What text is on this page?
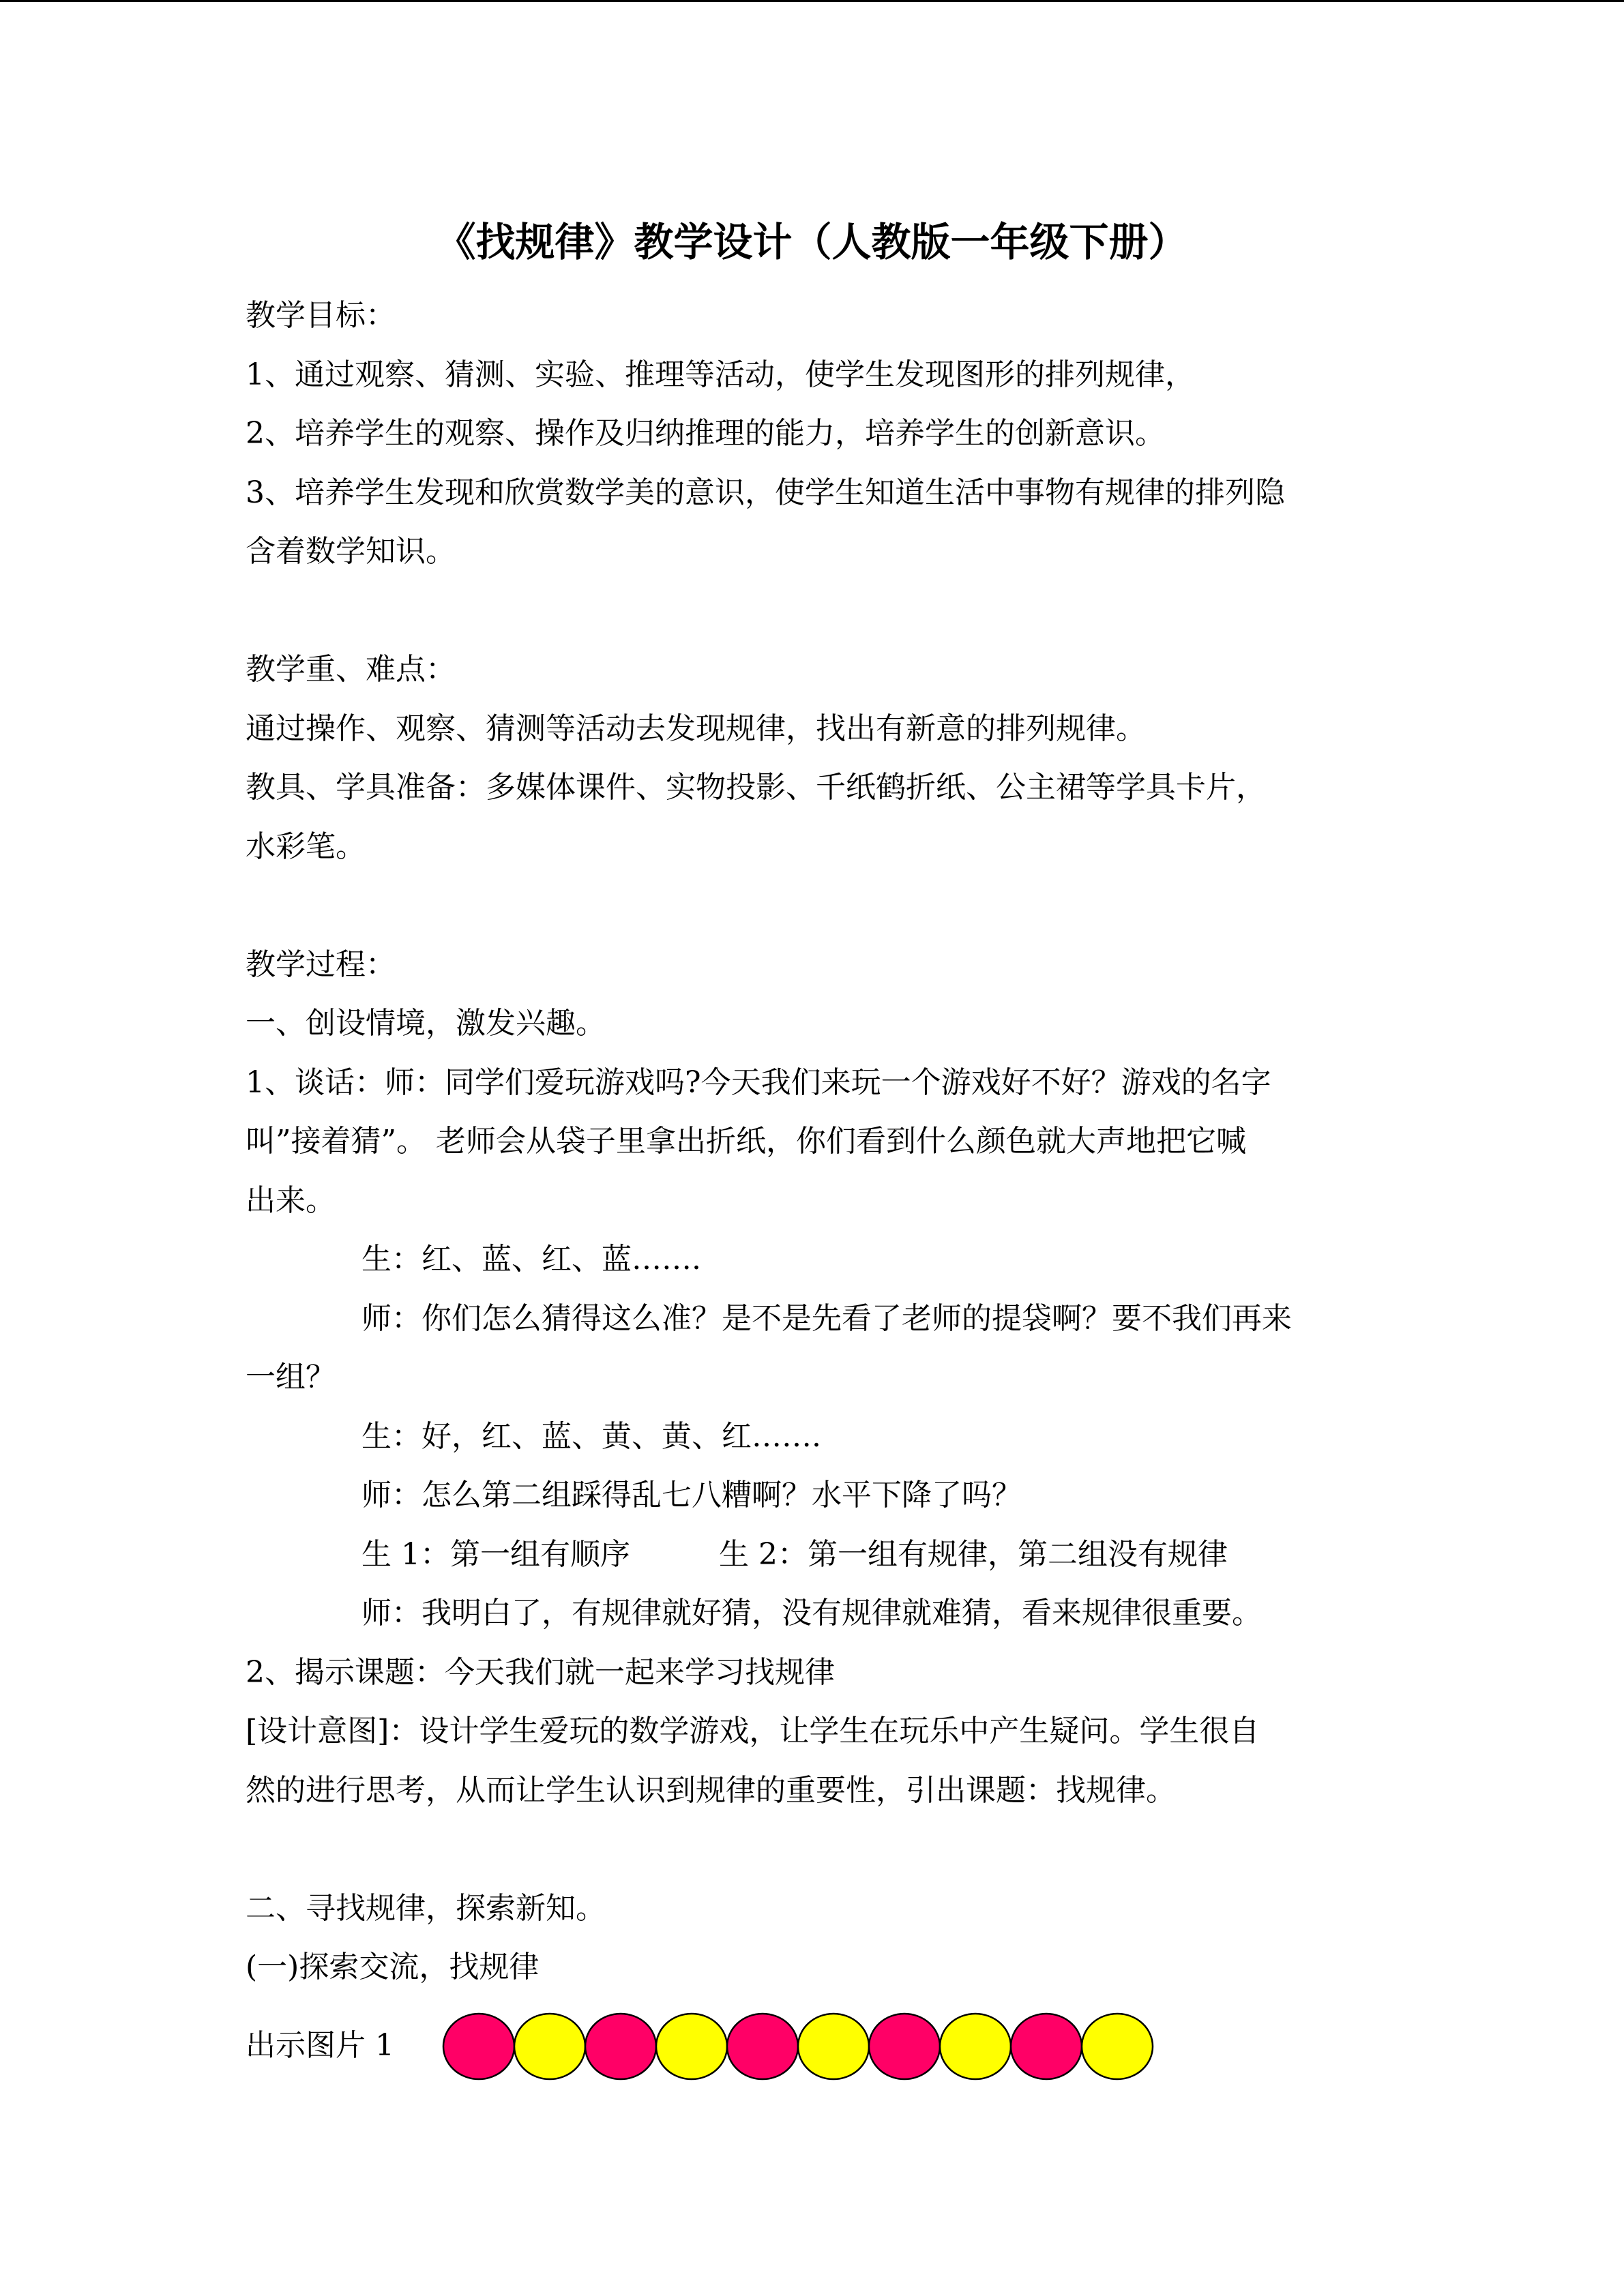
《找规律》教学设计（人教版一年级下册）
教学目标：
1、通过观察、猜测、实验、推理等活动，使学生发现图形的排列规律，
2、培养学生的观察、操作及归纳推理的能力，培养学生的创新意识。
3、培养学生发现和欣赏数学美的意识，使学生知道生活中事物有规律的排列隐
含着数学知识。
教学重、难点：
通过操作、观察、猜测等活动去发现规律，找出有新意的排列规律。
教具、学具准备：多媒体课件、实物投影、千纸鹤折纸、公主裙等学具卡片，
水彩笔。
教学过程：
一、创设情境，激发兴趣。
1、谈话：师：同学们爱玩游戏吗?今天我们来玩一个游戏好不好？游戏的名字
叫”接着猜”。 老师会从袋子里拿出折纸，你们看到什么颜色就大声地把它喊
出来。
生：红、蓝、红、蓝…….
师：你们怎么猜得这么准？是不是先看了老师的提袋啊？要不我们再来
一组？
生：好，红、蓝、黄、黄、红…….
师：怎么第二组踩得乱七八糟啊？水平下降了吗？
生 1：第一组有顺序	生 2：第一组有规律，第二组没有规律
师：我明白了，有规律就好猜，没有规律就难猜，看来规律很重要。
2、揭示课题：今天我们就一起来学习找规律
[设计意图]：设计学生爱玩的数学游戏，让学生在玩乐中产生疑问。学生很自
然的进行思考，从而让学生认识到规律的重要性，引出课题：找规律。
二、寻找规律，探索新知。
(一)探索交流，找规律
出示图片 1
